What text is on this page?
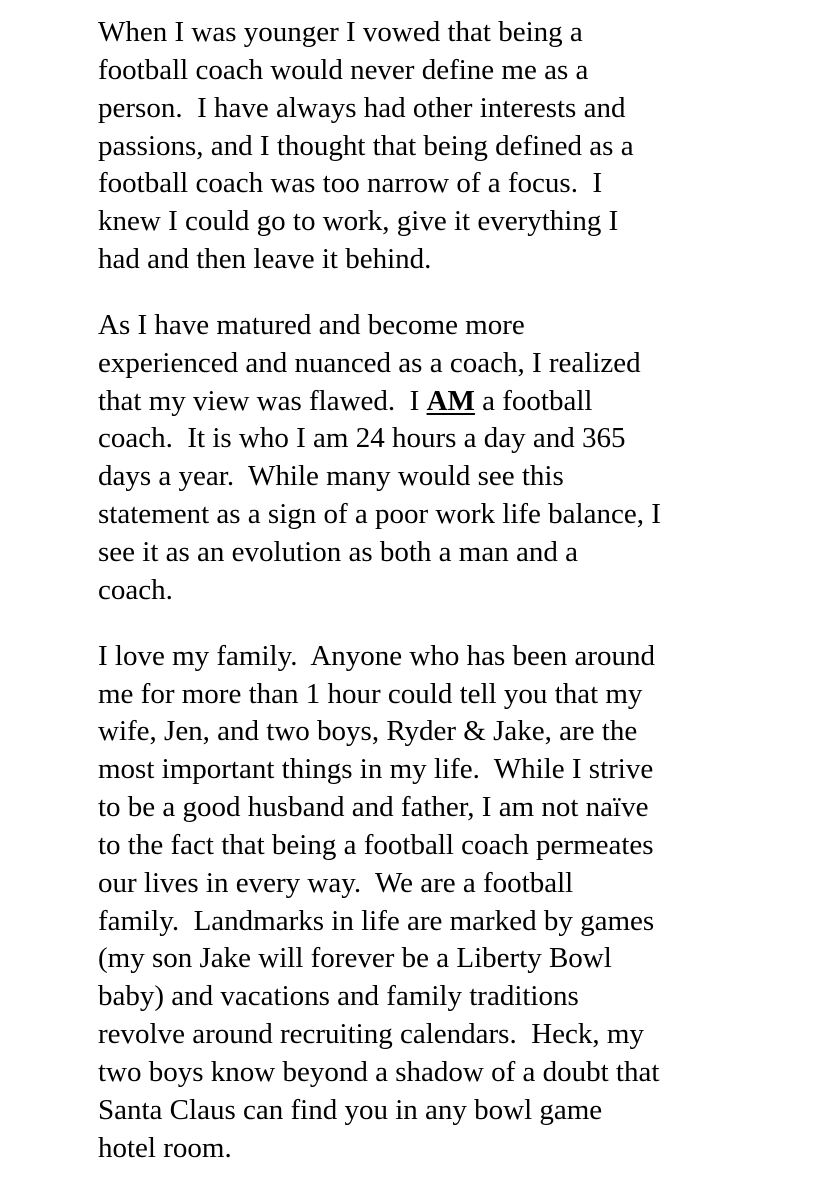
When I was younger I vowed that being a
football coach would never define me as a
person.  I have always had other interests and
passions, and I thought that being defined as a
football coach was too narrow of a focus.  I
knew I could go to work, give it everything I
had and then leave it behind.
As I have matured and become more
experienced and nuanced as a coach, I realized
that my view was flawed.  I AM a football
coach.  It is who I am 24 hours a day and 365
days a year.  While many would see this
statement as a sign of a poor work life balance, I
see it as an evolution as both a man and a
coach.
I love my family.  Anyone who has been around
me for more than 1 hour could tell you that my
wife, Jen, and two boys, Ryder & Jake, are the
most important things in my life.  While I strive
to be a good husband and father, I am not naïve
to the fact that being a football coach permeates
our lives in every way.  We are a football
family.  Landmarks in life are marked by games
(my son Jake will forever be a Liberty Bowl
baby) and vacations and family traditions
revolve around recruiting calendars.  Heck, my
two boys know beyond a shadow of a doubt that
Santa Claus can find you in any bowl game
hotel room.
